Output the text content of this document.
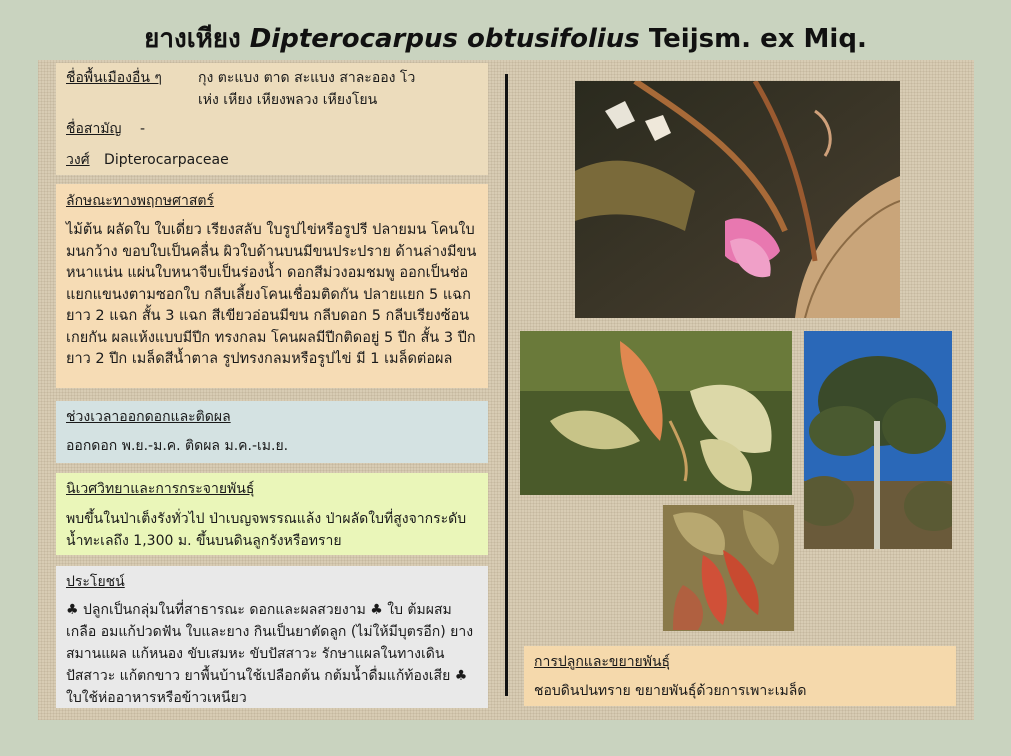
ยางเหียง Dipterocarpus obtusifolius Teijsm. ex Miq.
ชื่อพื้นเมืองอื่น ๆ	กุง ตะแบง ตาด สะแบง สาละออง โว
เห่ง เหียง เหียงพลวง เหียงโยน
ชื่อสามัญ -
วงศ์ Dipterocarpaceae
ลักษณะทางพฤกษศาสตร์
ไม้ต้น ผลัดใบ ใบเดี่ยว เรียงสลับ ใบรูปไข่หรือรูปรี ปลายมน โคนใบมนกว้าง ขอบใบเป็นคลื่น ผิวใบด้านบนมีขนประปราย ด้านล่างมีขนหนาแน่น แผ่นใบหนาจีบเป็นร่องน้ำ ดอกสีม่วงอมชมพู ออกเป็นช่อแยกแขนงตามซอกใบ กลีบเลี้ยงโคนเชื่อมติดกัน ปลายแยก 5 แฉก ยาว 2 แฉก สั้น 3 แฉก สีเขียวอ่อนมีขน กลีบดอก 5 กลีบเรียงซ้อนเกยกัน ผลแห้งแบบมีปีก ทรงกลม โคนผลมีปีกติดอยู่ 5 ปีก สั้น 3 ปีก ยาว 2 ปีก เมล็ดสีน้ำตาล รูปทรงกลมหรือรูปไข่ มี 1 เมล็ดต่อผล
ช่วงเวลาออกดอกและติดผล
ออกดอก พ.ย.-ม.ค. ติดผล ม.ค.-เม.ย.
นิเวศวิทยาและการกระจายพันธุ์
พบขึ้นในป่าเต็งรังทั่วไป ป่าเบญจพรรณแล้ง ป่าผลัดใบที่สูงจากระดับน้ำทะเลถึง 1,300 ม. ขึ้นบนดินลูกรังหรือทราย
ประโยชน์
♣ ปลูกเป็นกลุ่มในที่สาธารณะ ดอกและผลสวยงาม ♣ ใบ ต้มผสมเกลือ อมแก้ปวดฟัน ใบและยาง กินเป็นยาตัดลูก (ไม่ให้มีบุตรอีก) ยาง สมานแผล แก้หนอง ขับเสมหะ ขับปัสสาวะ รักษาแผลในทางเดินปัสสาวะ แก้ตกขาว ยาพื้นบ้านใช้เปลือกต้น กต้มน้ำดื่มแก้ท้องเสีย ♣ ใบใช้ห่ออาหารหรือข้าวเหนียว
การปลูกและขยายพันธุ์
ชอบดินปนทราย ขยายพันธุ์ด้วยการเพาะเมล็ด
